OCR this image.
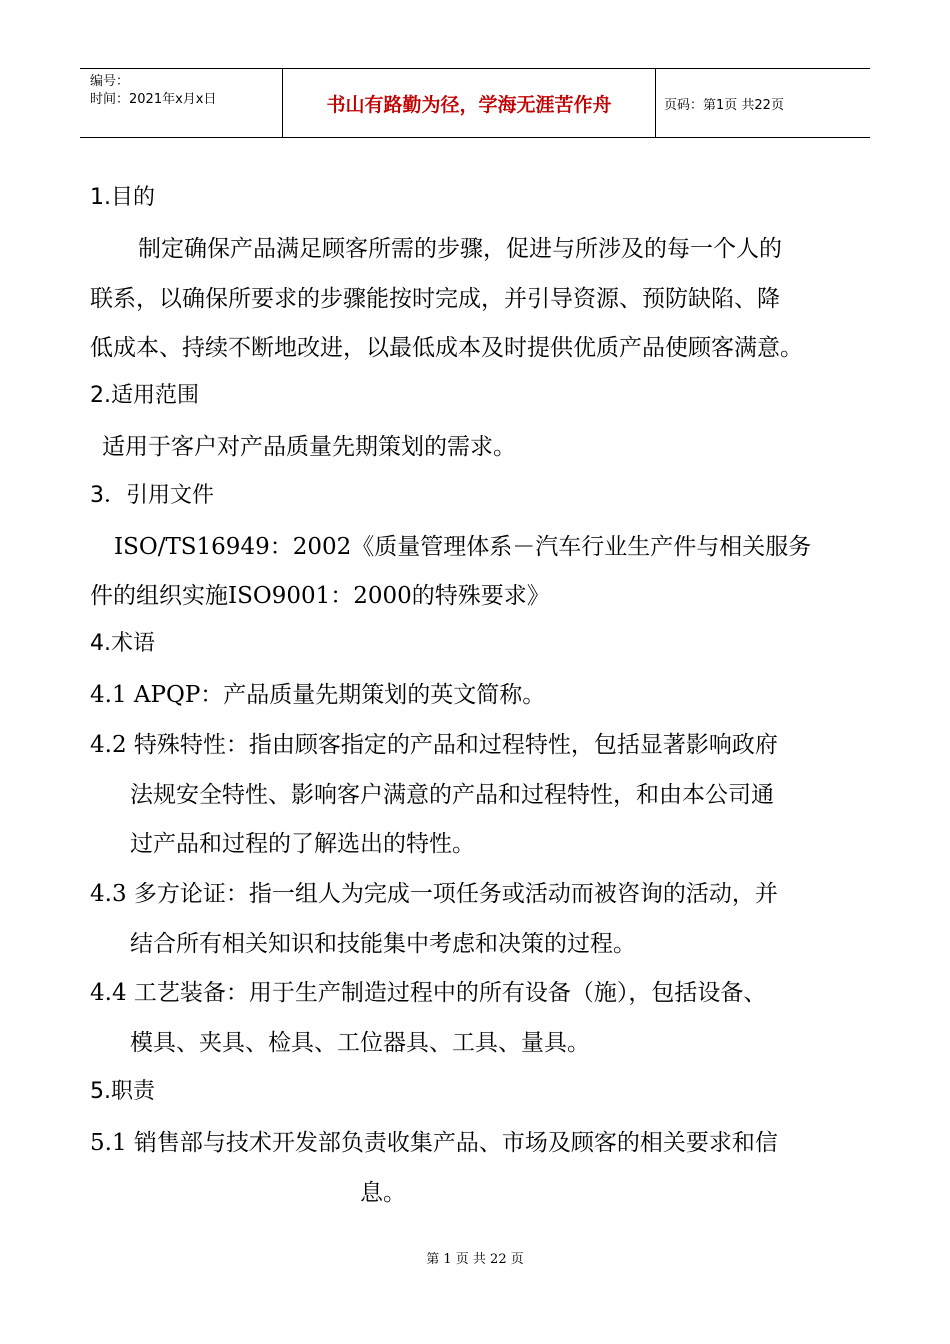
编号：
时间：2021年x月x日	书山有路勤为径，学海无涯苦作舟	页码：第1页 共22页
1.目的
制定确保产品满足顾客所需的步骤，促进与所涉及的每一个人的
联系，以确保所要求的步骤能按时完成，并引导资源、预防缺陷、降
低成本、持续不断地改进，以最低成本及时提供优质产品使顾客满意。
2.适用范围
适用于客户对产品质量先期策划的需求。
3．引用文件
ISO/TS16949：2002《质量管理体系－汽车行业生产件与相关服务
件的组织实施ISO9001：2000的特殊要求》
4.术语
4.1 APQP：产品质量先期策划的英文简称。
4.2 特殊特性：指由顾客指定的产品和过程特性，包括显著影响政府
法规安全特性、影响客户满意的产品和过程特性，和由本公司通
过产品和过程的了解选出的特性。
4.3 多方论证：指一组人为完成一项任务或活动而被咨询的活动，并
结合所有相关知识和技能集中考虑和决策的过程。
4.4 工艺装备：用于生产制造过程中的所有设备（施），包括设备、
模具、夹具、检具、工位器具、工具、量具。
5.职责
5.1 销售部与技术开发部负责收集产品、市场及顾客的相关要求和信
息。
第 1 页 共 22 页
